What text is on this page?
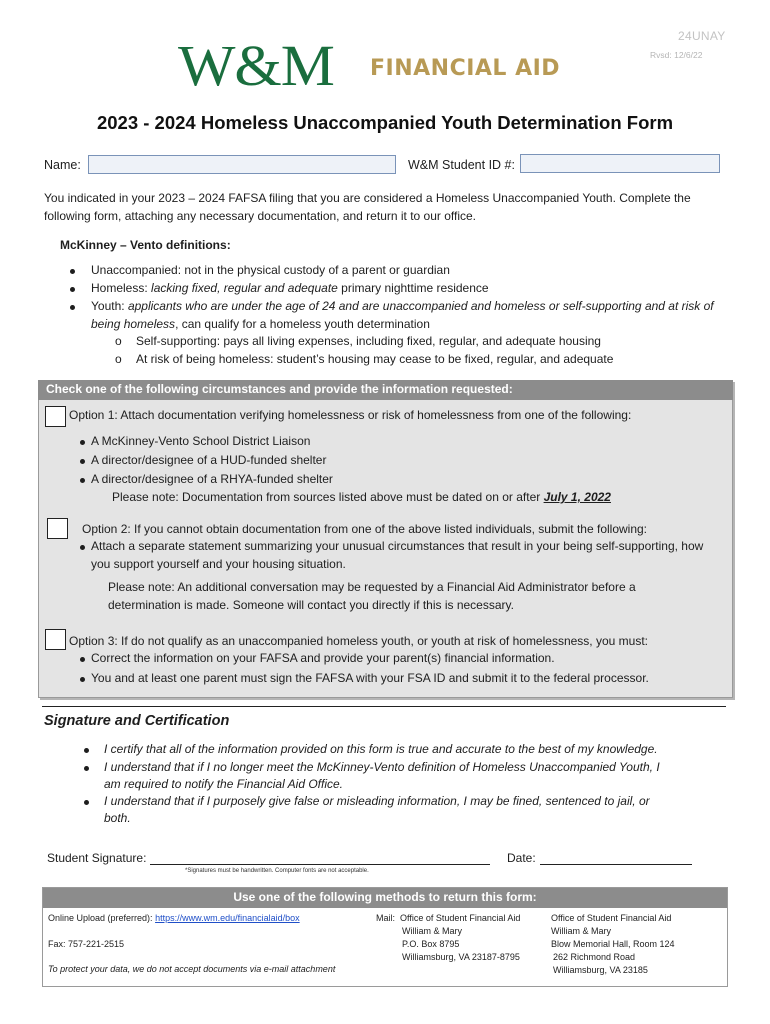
24UNAY
Rvsd: 12/6/22
W&M FINANCIAL AID
2023 - 2024 Homeless Unaccompanied Youth Determination Form
Name:	W&M Student ID #:
You indicated in your 2023 – 2024 FAFSA filing that you are considered a Homeless Unaccompanied Youth. Complete the following form, attaching any necessary documentation, and return it to our office.
McKinney – Vento definitions:
Unaccompanied: not in the physical custody of a parent or guardian
Homeless: lacking fixed, regular and adequate primary nighttime residence
Youth: applicants who are under the age of 24 and are unaccompanied and homeless or self-supporting and at risk of
being homeless, can qualify for a homeless youth determination
o Self-supporting: pays all living expenses, including fixed, regular, and adequate housing
o At risk of being homeless: student’s housing may cease to be fixed, regular, and adequate
Check one of the following circumstances and provide the information requested:
Option 1: Attach documentation verifying homelessness or risk of homelessness from one of the following:
A McKinney-Vento School District Liaison
A director/designee of a HUD-funded shelter
A director/designee of a RHYA-funded shelter
Please note: Documentation from sources listed above must be dated on or after July 1, 2022
Option 2: If you cannot obtain documentation from one of the above listed individuals, submit the following:
Attach a separate statement summarizing your unusual circumstances that result in your being self-supporting, how
you support yourself and your housing situation.
Please note: An additional conversation may be requested by a Financial Aid Administrator before a
determination is made. Someone will contact you directly if this is necessary.
Option 3: If do not qualify as an unaccompanied homeless youth, or youth at risk of homelessness, you must:
Correct the information on your FAFSA and provide your parent(s) financial information.
You and at least one parent must sign the FAFSA with your FSA ID and submit it to the federal processor.
Signature and Certification
I certify that all of the information provided on this form is true and accurate to the best of my knowledge.
I understand that if I no longer meet the McKinney-Vento definition of Homeless Unaccompanied Youth, I
am required to notify the Financial Aid Office.
I understand that if I purposely give false or misleading information, I may be fined, sentenced to jail, or
both.
Student Signature:
*Signatures must be handwritten. Computer fonts are not acceptable.
Date:
Use one of the following methods to return this form:
Online Upload (preferred): https://www.wm.edu/financialaid/box
Fax: 757-221-2515
To protect your data, we do not accept documents via e-mail attachment
Mail: Office of Student Financial Aid
William & Mary
P.O. Box 8795
Williamsburg, VA 23187-8795
Office of Student Financial Aid
William & Mary
Blow Memorial Hall, Room 124
262 Richmond Road
Williamsburg, VA 23185
